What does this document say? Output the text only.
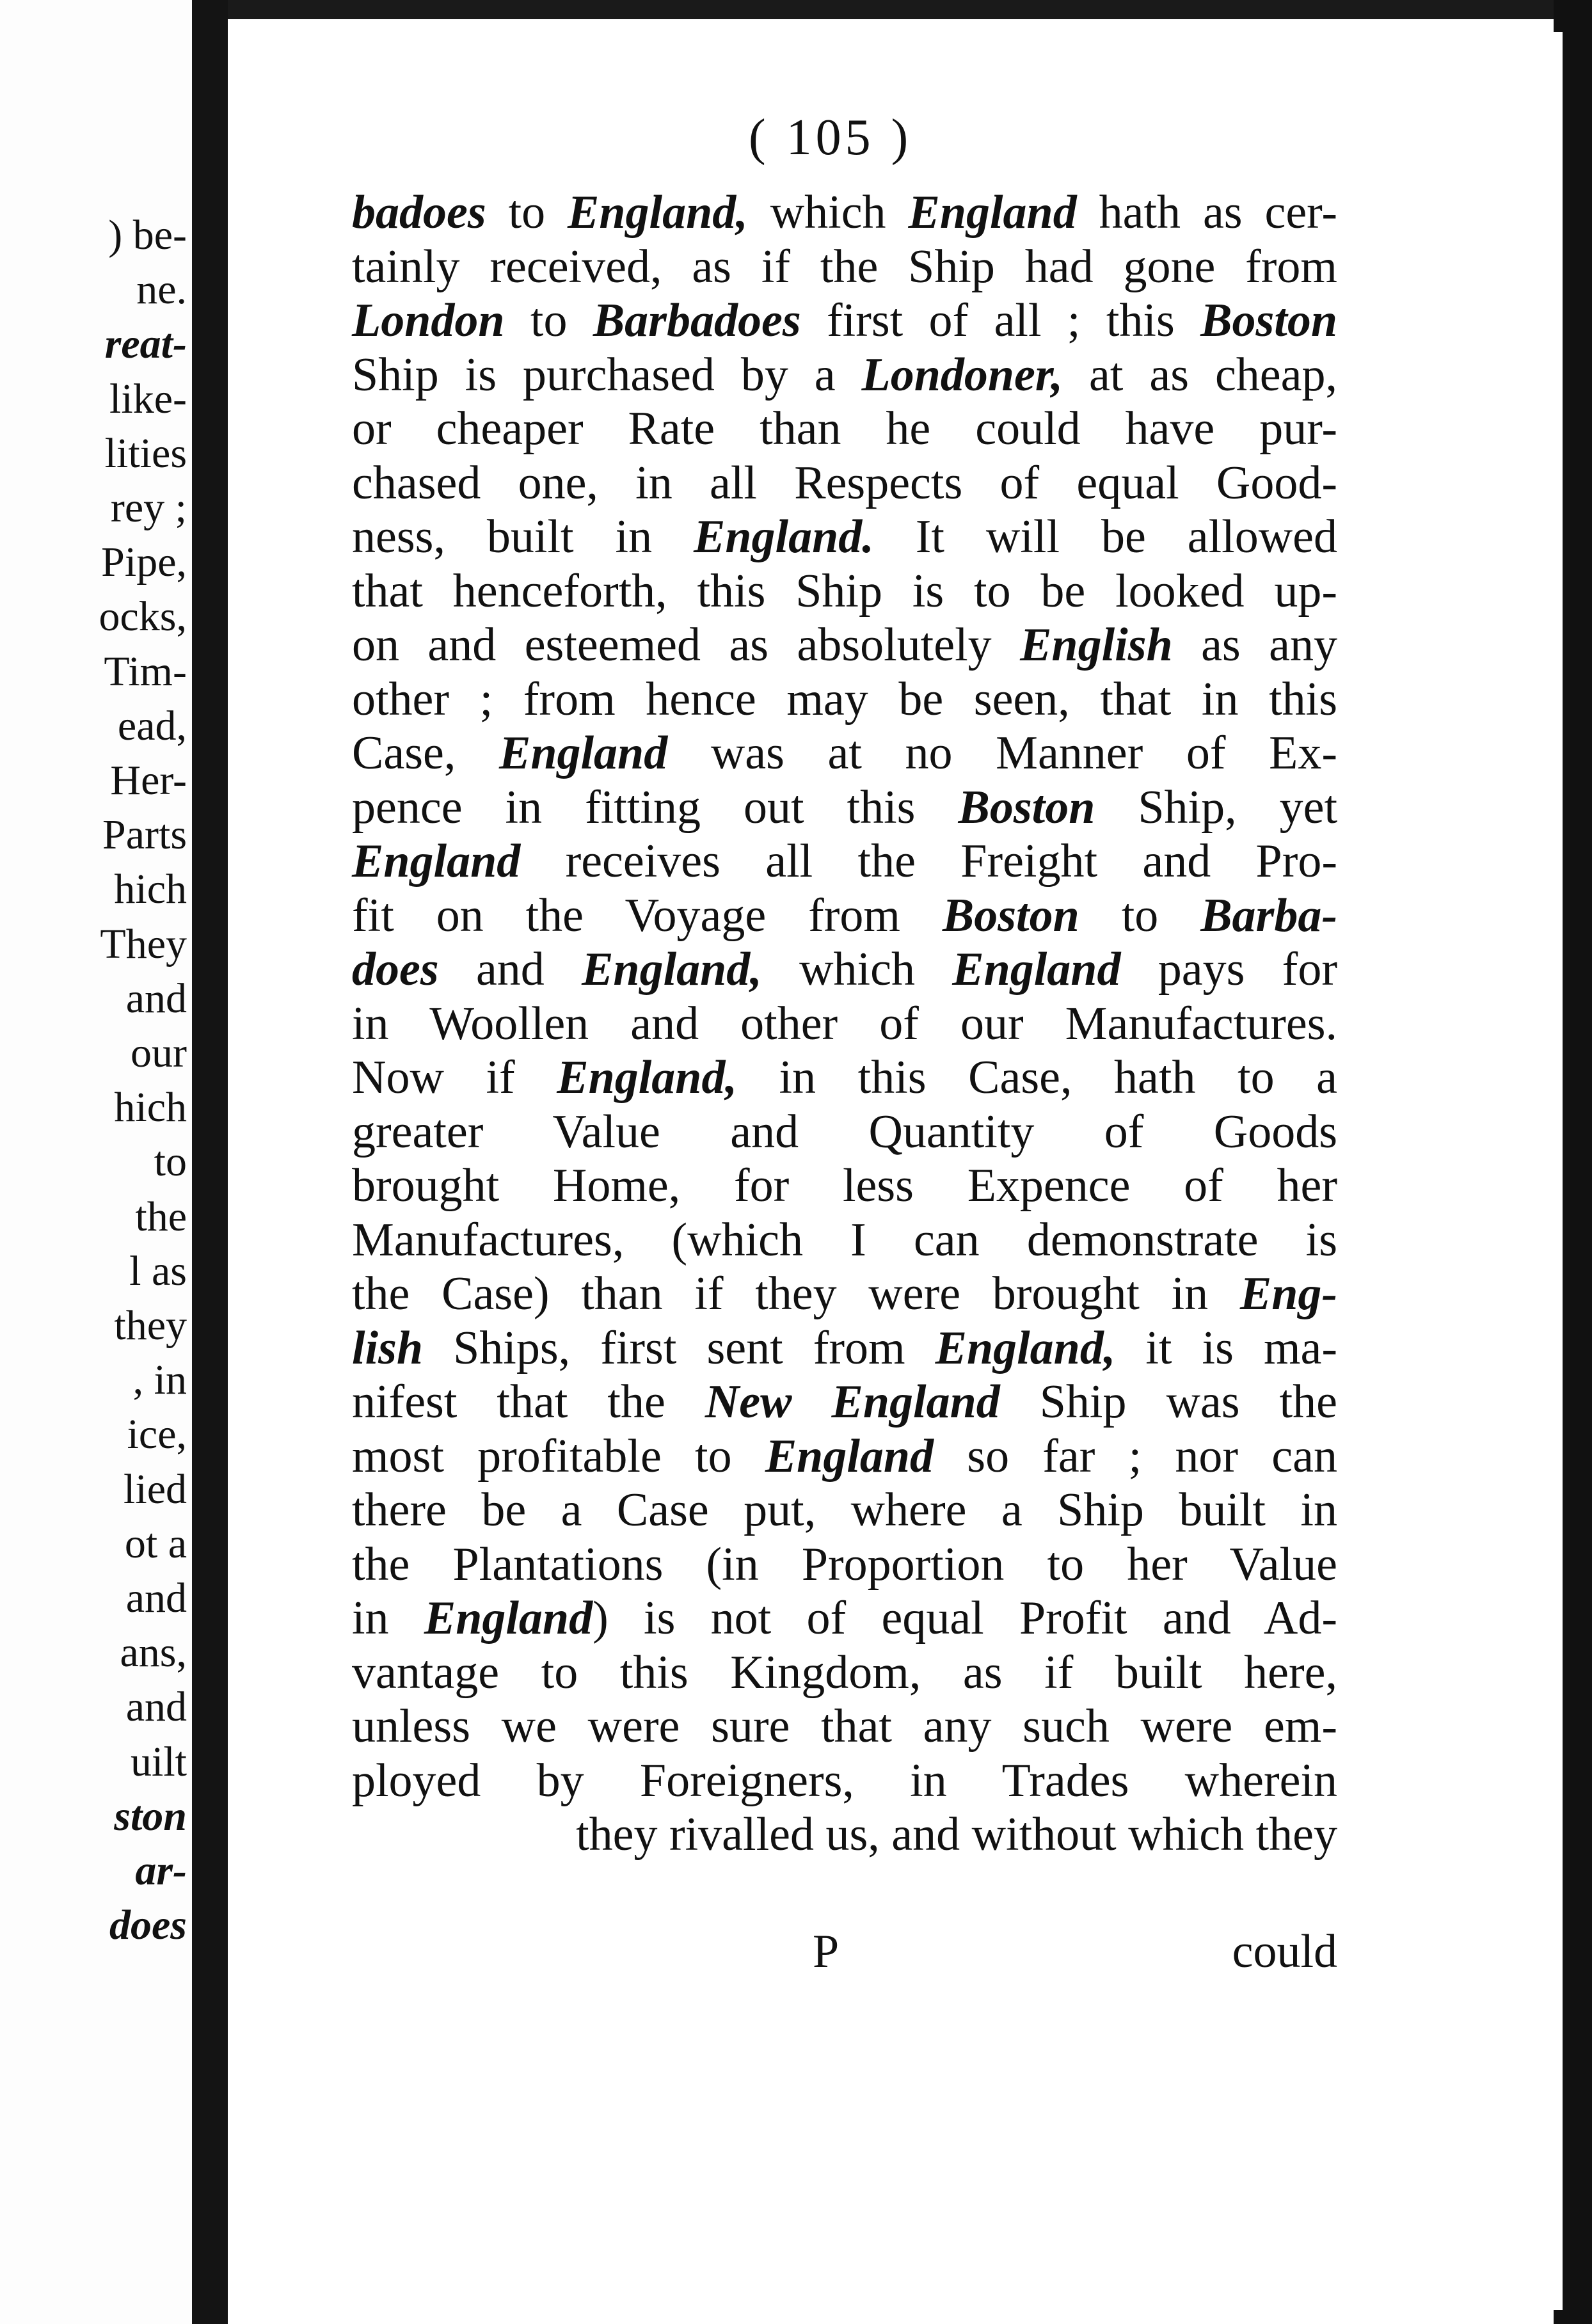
) be-
ne.
reat-
like-
lities
rey ;
Pipe,
ocks,
Tim-
ead,
Her-
Parts
hich
They
and
our
hich
to
the
l as
they
, in
ice,
lied
ot a
and
ans,
and
uilt
ston
ar-
does
( 105 )
badoes to England, which England hath as cer-
tainly received, as if the Ship had gone from
London to Barbadoes first of all ; this Boston
Ship is purchased by a Londoner, at as cheap,
or cheaper Rate than he could have pur-
chased one, in all Respects of equal Good-
ness, built in England. It will be allowed
that henceforth, this Ship is to be looked up-
on and esteemed as absolutely English as any
other ; from hence may be seen, that in this
Case, England was at no Manner of Ex-
pence in fitting out this Boston Ship, yet
England receives all the Freight and Pro-
fit on the Voyage from Boston to Barba-
does and England, which England pays for
in Woollen and other of our Manufactures.
Now if England, in this Case, hath to a
greater Value and Quantity of Goods
brought Home, for less Expence of her
Manufactures, (which I can demonstrate is
the Case) than if they were brought in Eng-
lish Ships, first sent from England, it is ma-
nifest that the New England Ship was the
most profitable to England so far ; nor can
there be a Case put, where a Ship built in
the Plantations (in Proportion to her Value
in England) is not of equal Profit and Ad-
vantage to this Kingdom, as if built here,
unless we were sure that any such were em-
ployed by Foreigners, in Trades wherein
they rivalled us, and without which they
P	could
